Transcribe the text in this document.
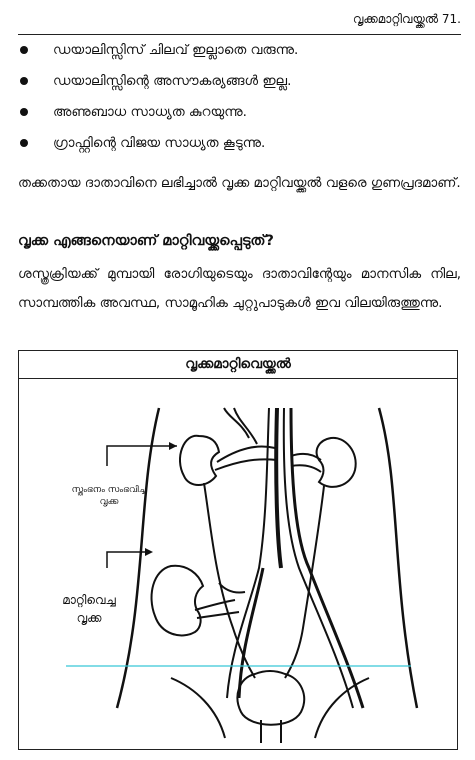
വൃക്കമാറ്റിവയ്ക്കൽ 71.
ഡയാലിസ്സിസ് ചിലവ് ഇല്ലാതെ വരുന്നു.
ഡയാലിസ്സിന്റെ അസൗകര്യങ്ങൾ ഇല്ല.
അണുബാധ സാധ്യത കുറയുന്നു.
ഗ്രാഫ്റ്റിന്റെ വിജയ സാധ്യത കൂടുന്നു.

തക്കതായ ദാതാവിനെ ലഭിച്ചാൽ വൃക്ക മാറ്റിവയ്ക്കൽ വളരെ ഗുണപ്രദമാണ്.

വൃക്ക എങ്ങനെയാണ് മാറ്റിവയ്ക്കപ്പെടുത്?

ശസ്ത്രക്രിയക്ക് മുമ്പായി രോഗിയുടെയും ദാതാവിന്റേയും മാനസിക നില, സാമ്പത്തിക അവസ്ഥ, സാമൂഹിക ചുറ്റുപാടുകൾ ഇവ വിലയിരുത്തുന്നു.

വൃക്കമാറ്റിവെയ്ക്കൽ
സ്തംഭനം സംഭവിച്ച
വൃക്ക
മാറ്റിവെച്ച
വൃക്ക
